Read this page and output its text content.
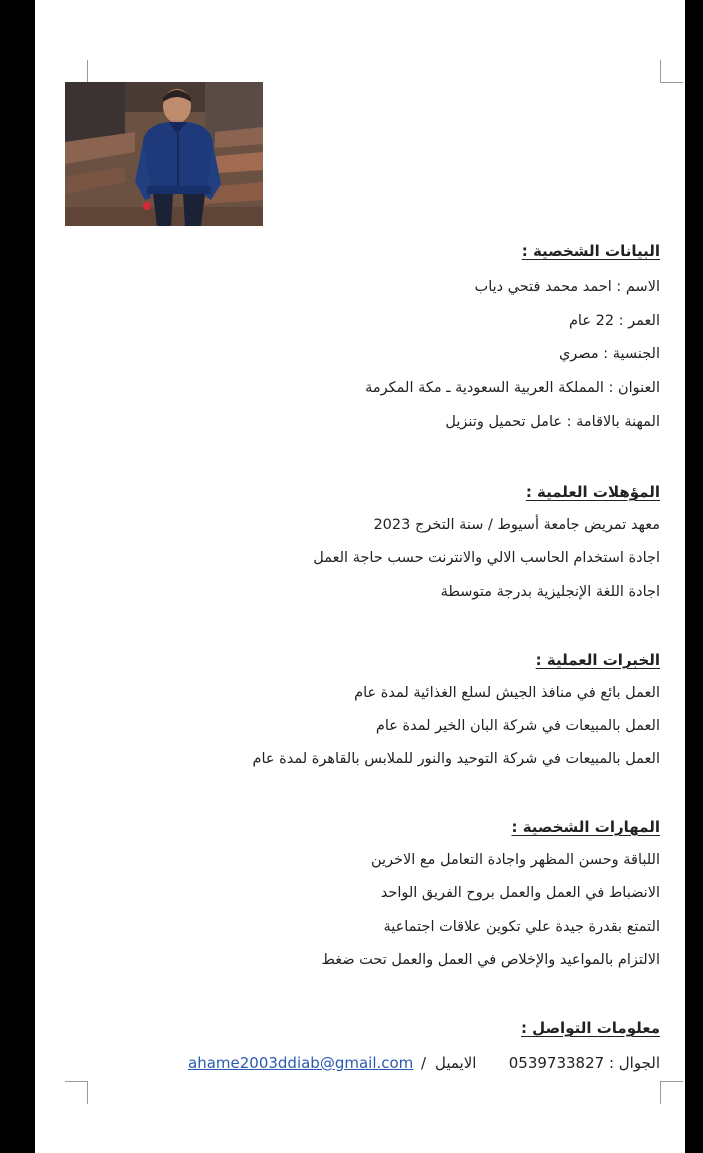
البيانات الشخصية :
الاسم : احمد محمد فتحي دياب
العمر : 22 عام
الجنسية : مصري
العنوان : المملكة العربية السعودية ـ مكة المكرمة
المهنة بالاقامة : عامل تحميل وتنزيل
المؤهلات العلمية :
معهد تمريض جامعة أسيوط / سنة التخرج 2023
اجادة استخدام الحاسب الالي والانترنت حسب حاجة العمل
اجادة اللغة الإنجليزية بدرجة متوسطة
الخبرات العملية :
العمل بائع في منافذ الجيش لسلع الغذائية لمدة عام
العمل بالمبيعات في شركة البان الخير لمدة عام
العمل بالمبيعات في شركة التوحيد والنور للملابس بالقاهرة لمدة عام
المهارات الشخصية :
اللباقة وحسن المظهر واجادة التعامل مع الاخرين
الانضباط في العمل والعمل بروح الفريق الواحد
التمتع بقدرة جيدة علي تكوين علاقات اجتماعية
الالتزام بالمواعيد والإخلاص في العمل والعمل تحت ضغط
معلومات التواصل :
الجوال : 0539733827
الايميل
/
ahame2003ddiab@gmail.com
